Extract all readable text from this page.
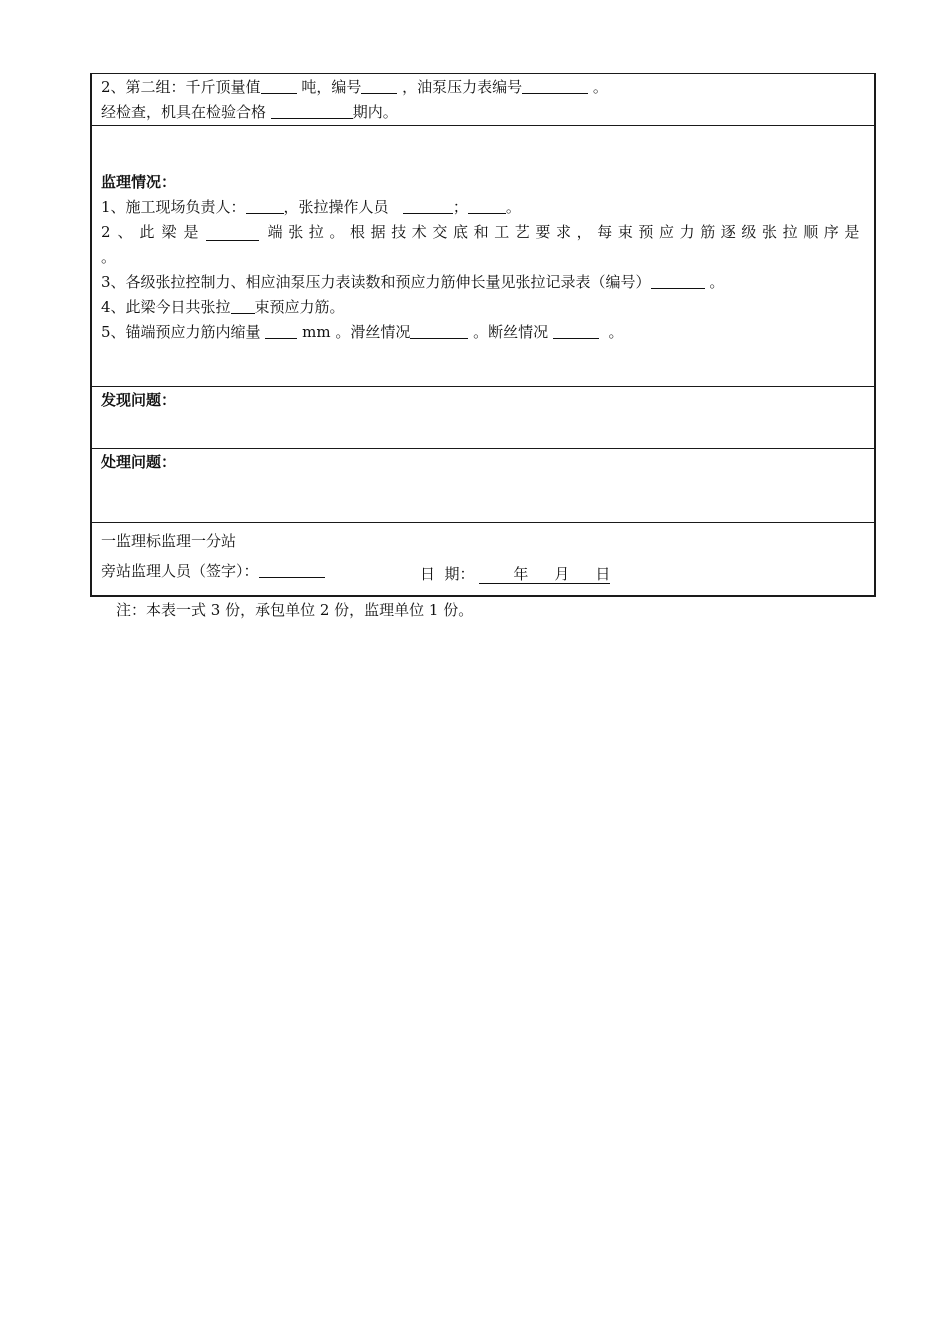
2、第二组：千斤顶量值	吨，编号	，油泵压力表编号	。
经检查，机具在检验合格	期内。
监理情况：
1、施工现场负责人：	，张拉操作人员	；	。
2、此梁是	端张拉。根据技术交底和工艺要求，每束预应力筋逐级张拉顺序是
。
3、各级张拉控制力、相应油泵压力表读数和预应力筋伸长量见张拉记录表（编号）	。
4、此梁今日共张拉 束预应力筋。
5、锚端预应力筋内缩量	mm 。滑丝情况	。断丝情况	。
发现问题：
处理问题：
一监理标监理一分站
旁站监理人员（签字）：	日  期：	年 月 日
注：本表一式 3 份，承包单位 2 份，监理单位 1 份。
